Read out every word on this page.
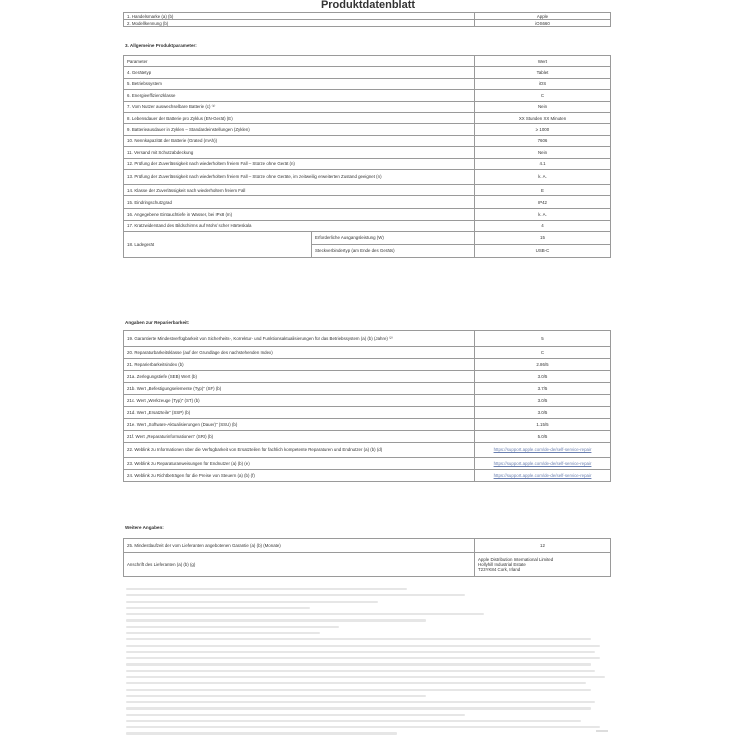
Produktdatenblatt
1. Handelsmarke (a) (b)	Apple
2. Modellkennung (b)	iOS660
3. Allgemeine Produktparameter:
Parameter		Wert
4. Gerätetyp		Tablet
5. Betriebssystem		iOS
6. Energieeffizienzklasse		C
7. Vom Nutzer auswechselbare Batterie (c) ⁽¹⁾		Nein
8. Lebensdauer der Batterie pro Zyklus (EN-Gerät) (E)		XX Stunden XX Minuten
9. Batterieausdauer in Zyklen – Standardeinstellungen (Zyklen)		≥ 1000
10. Nennkapazität der Batterie (Grated (mAh))		7606
11. Versand mit Schutzabdeckung		Nein
12. Prüfung der Zuverlässigkeit nach wiederholtem freiem Fall – Stürze ohne Gerät (n)		4.1
13. Prüfung der Zuverlässigkeit nach wiederholtem freiem Fall – Stürze ohne Geräte, im zeitweilig erweiterten Zustand geeignet (n)		k. A.
14. Klasse der Zuverlässigkeit nach wiederholtem freiem Fall		E
15. Eindringschutzgrad		IP42
16. Angegebene Eintauchtiefe in Wasser, bei IPx8 (m)		k. A.
17. Kratzwiderstand des Bildschirms auf Mohs´scher Härteskala		4
18. Ladegerät	Erforderliche Ausgangsleistung (W)	15
	Steckverbindertyp (am Ende des Geräts)	USB-C
Angaben zur Reparierbarkeit:
19. Garantierte Mindestverfügbarkeit von Sicherheits-, Korrektur- und Funktionsaktualisierungen für das Betriebssystem (a) (b) (Jahre) ⁽²⁾	5
20. Reparaturbarkeitsklasse (auf der Grundlage des nachstehenden Index)	C
21. Reparierbarkeitsindex (b)	2.86/5
21a. Zerlegungstiefe (SEB) Wert (b)	3.0/5
21b. Wert „Befestigungselemente (Typ)" (SF) (b)	3.7/5
21c. Wert „Werkzeuge (Typ)" (ST) (b)	3.0/5
21d. Wert „Ersatzteile" (SSP) (b)	3.0/5
21e. Wert „Software-Aktualisierungen (Dauer)" (SSU) (b)	1.15/5
21f. Wert „Reparaturinformationen" (SRI) (b)	5.0/5
22. Weblink zu Informationen über die Verfügbarkeit von Ersatzteilen für fachlich kompetente Reparaturen und Endnutzer (a) (b) (d)	https://support.apple.com/de-de/self-service-repair
23. Weblink zu Reparaturanweisungen für Endnutzer (a) (b) (e)	https://support.apple.com/de-de/self-service-repair
24. Weblink zu Richtbeträgen für die Preise von Steuern (a) (b) (f)	https://support.apple.com/de-de/self-service-repair
Weitere Angaben:
25. Mindestlaufzeit der vom Lieferanten angebotenen Garantie (a) (b) (Monate)	12
Anschrift des Lieferanten (a) (b) (g)	Apple Distribution International Limited
Hollyhill Industrial Estate
T23YK84 Cork, Irland
